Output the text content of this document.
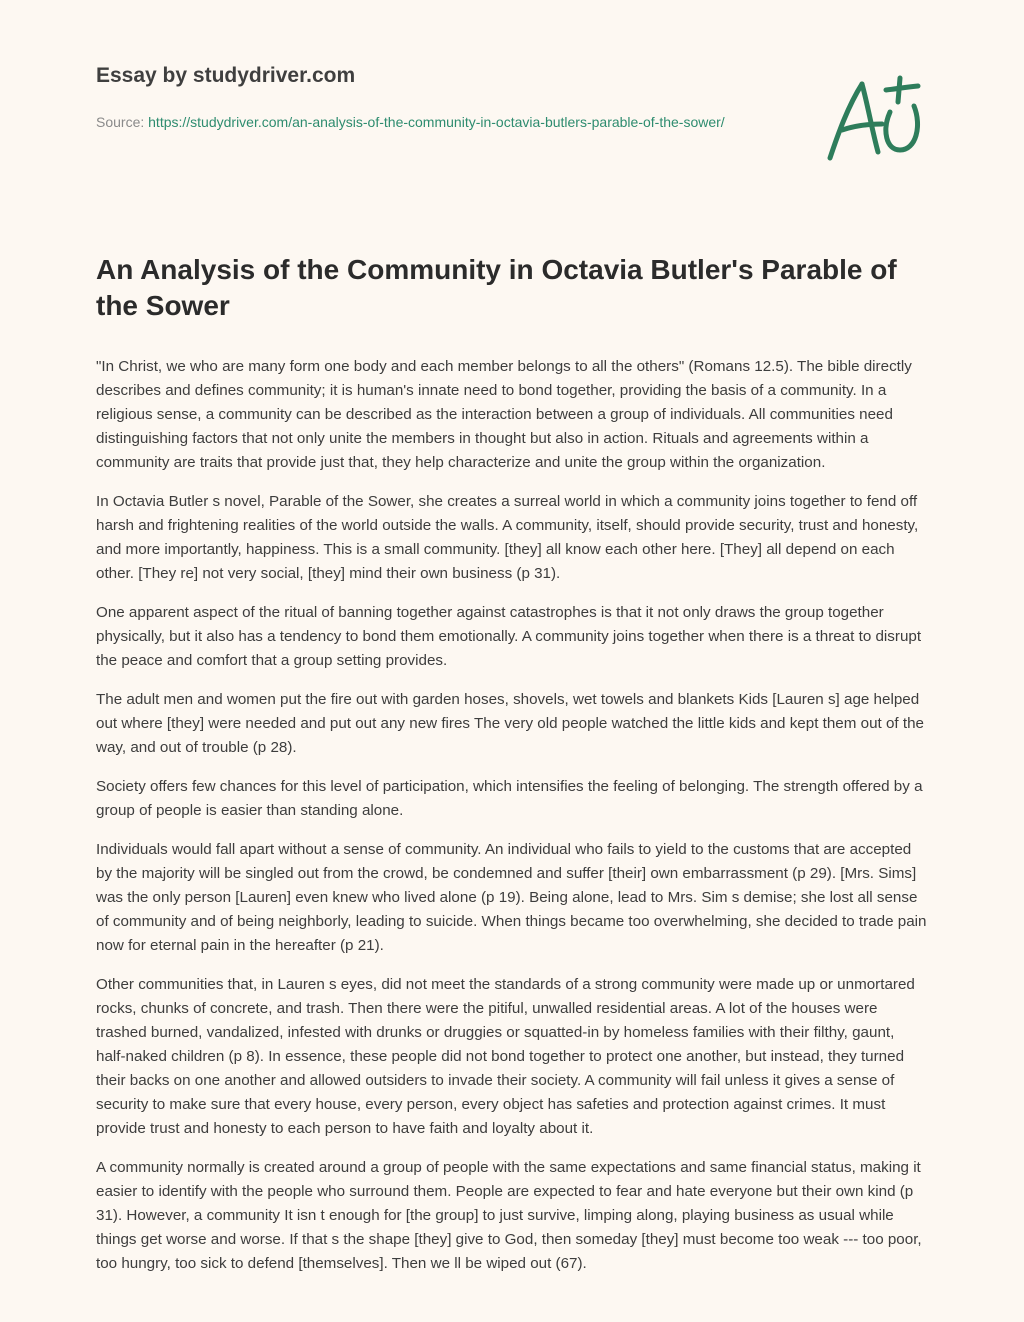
Essay by studydriver.com
Source: https://studydriver.com/an-analysis-of-the-community-in-octavia-butlers-parable-of-the-sower/
An Analysis of the Community in Octavia Butler's Parable of the Sower

"In Christ, we who are many form one body and each member belongs to all the others" (Romans 12.5). The bible directly describes and defines community; it is human's innate need to bond together, providing the basis of a community. In a religious sense, a community can be described as the interaction between a group of individuals. All communities need distinguishing factors that not only unite the members in thought but also in action. Rituals and agreements within a community are traits that provide just that, they help characterize and unite the group within the organization.

In Octavia Butler s novel, Parable of the Sower, she creates a surreal world in which a community joins together to fend off harsh and frightening realities of the world outside the walls. A community, itself, should provide security, trust and honesty, and more importantly, happiness. This is a small community. [they] all know each other here. [They] all depend on each other. [They re] not very social, [they] mind their own business (p 31).

One apparent aspect of the ritual of banning together against catastrophes is that it not only draws the group together physically, but it also has a tendency to bond them emotionally. A community joins together when there is a threat to disrupt the peace and comfort that a group setting provides.

The adult men and women put the fire out with garden hoses, shovels, wet towels and blankets Kids [Lauren s] age helped out where [they] were needed and put out any new fires The very old people watched the little kids and kept them out of the way, and out of trouble (p 28).

Society offers few chances for this level of participation, which intensifies the feeling of belonging. The strength offered by a group of people is easier than standing alone.

Individuals would fall apart without a sense of community. An individual who fails to yield to the customs that are accepted by the majority will be singled out from the crowd, be condemned and suffer [their] own embarrassment (p 29). [Mrs. Sims] was the only person [Lauren] even knew who lived alone (p 19). Being alone, lead to Mrs. Sim s demise; she lost all sense of community and of being neighborly, leading to suicide. When things became too overwhelming, she decided to trade pain now for eternal pain in the hereafter (p 21).

Other communities that, in Lauren s eyes, did not meet the standards of a strong community were made up or unmortared rocks, chunks of concrete, and trash. Then there were the pitiful, unwalled residential areas. A lot of the houses were trashed burned, vandalized, infested with drunks or druggies or squatted-in by homeless families with their filthy, gaunt, half-naked children (p 8). In essence, these people did not bond together to protect one another, but instead, they turned their backs on one another and allowed outsiders to invade their society. A community will fail unless it gives a sense of security to make sure that every house, every person, every object has safeties and protection against crimes. It must provide trust and honesty to each person to have faith and loyalty about it.

A community normally is created around a group of people with the same expectations and same financial status, making it easier to identify with the people who surround them. People are expected to fear and hate everyone but their own kind (p 31). However, a community It isn t enough for [the group] to just survive, limping along, playing business as usual while things get worse and worse. If that s the shape [they] give to God, then someday [they] must become too weak --- too poor, too hungry, too sick to defend [themselves]. Then we ll be wiped out (67).
